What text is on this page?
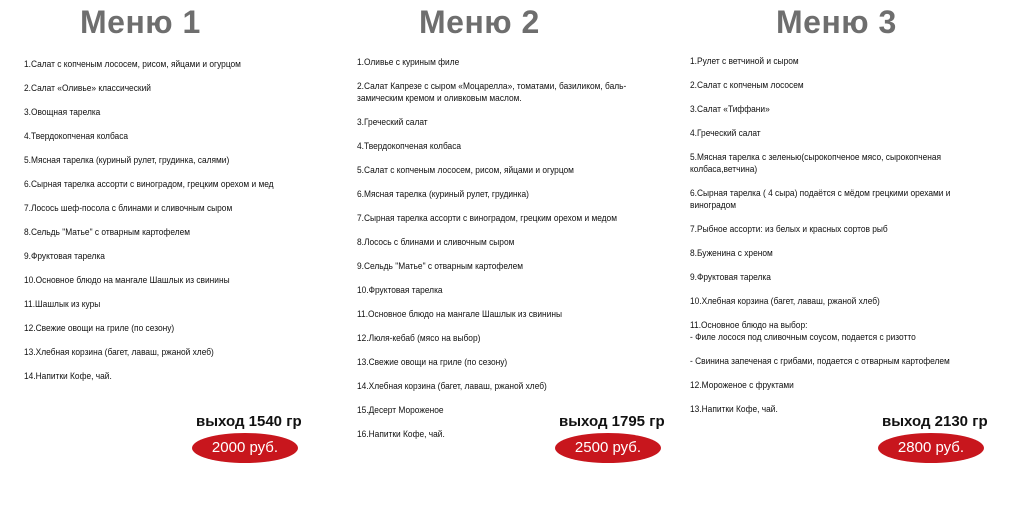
Меню 1
1.Салат с копченым лососем, рисом, яйцами и огурцом
2.Салат «Оливье» классический
3.Овощная тарелка
4.Твердокопченая колбаса
5.Мясная тарелка (куриный рулет, грудинка, салями)
6.Сырная тарелка ассорти с виноградом, грецким орехом и мед
7.Лосось шеф-посола с блинами и сливочным сыром
8.Сельдь "Матье" с отварным картофелем
9.Фруктовая тарелка
10.Основное блюдо на мангале Шашлык из свинины
11.Шашлык из куры
12.Свежие овощи на гриле (по сезону)
13.Хлебная корзина (багет, лаваш, ржаной хлеб)
14.Напитки Кофе, чай.
выход 1540 гр
2000 руб.
Меню 2
1.Оливье с куриным филе
2.Салат Капрезе с сыром «Моцарелла», томатами, базиликом, баль-замическим кремом и оливковым маслом.
3.Греческий салат
4.Твердокопченая колбаса
5.Салат с копченым лососем, рисом, яйцами и огурцом
6.Мясная тарелка (куриный рулет, грудинка)
7.Сырная тарелка ассорти с виноградом, грецким орехом и медом
8.Лосось с блинами и сливочным сыром
9.Сельдь "Матье" с отварным картофелем
10.Фруктовая тарелка
11.Основное блюдо на мангале Шашлык из свинины
12.Люля-кебаб (мясо на выбор)
13.Свежие овощи на гриле (по сезону)
14.Хлебная корзина (багет, лаваш, ржаной хлеб)
15.Десерт Мороженое
16.Напитки Кофе, чай.
выход 1795 гр
2500 руб.
Меню 3
1.Рулет с ветчиной и сыром
2.Салат с копченым лососем
3.Салат «Тиффани»
4.Греческий салат
5.Мясная тарелка с зеленью(сырокопченое мясо, сырокопченая колбаса,ветчина)
6.Сырная тарелка ( 4 сыра) подаётся с мёдом грецкими орехами и виноградом
7.Рыбное ассорти: из белых и красных сортов рыб
8.Буженина с хреном
9.Фруктовая тарелка
10.Хлебная корзина (багет, лаваш, ржаной хлеб)
11.Основное блюдо на выбор:
- Филе лосося под сливочным соусом, подается с ризотто
- Свинина запеченая с грибами, подается с отварным картофелем
12.Мороженое с фруктами
13.Напитки Кофе, чай.
выход 2130 гр
2800 руб.
